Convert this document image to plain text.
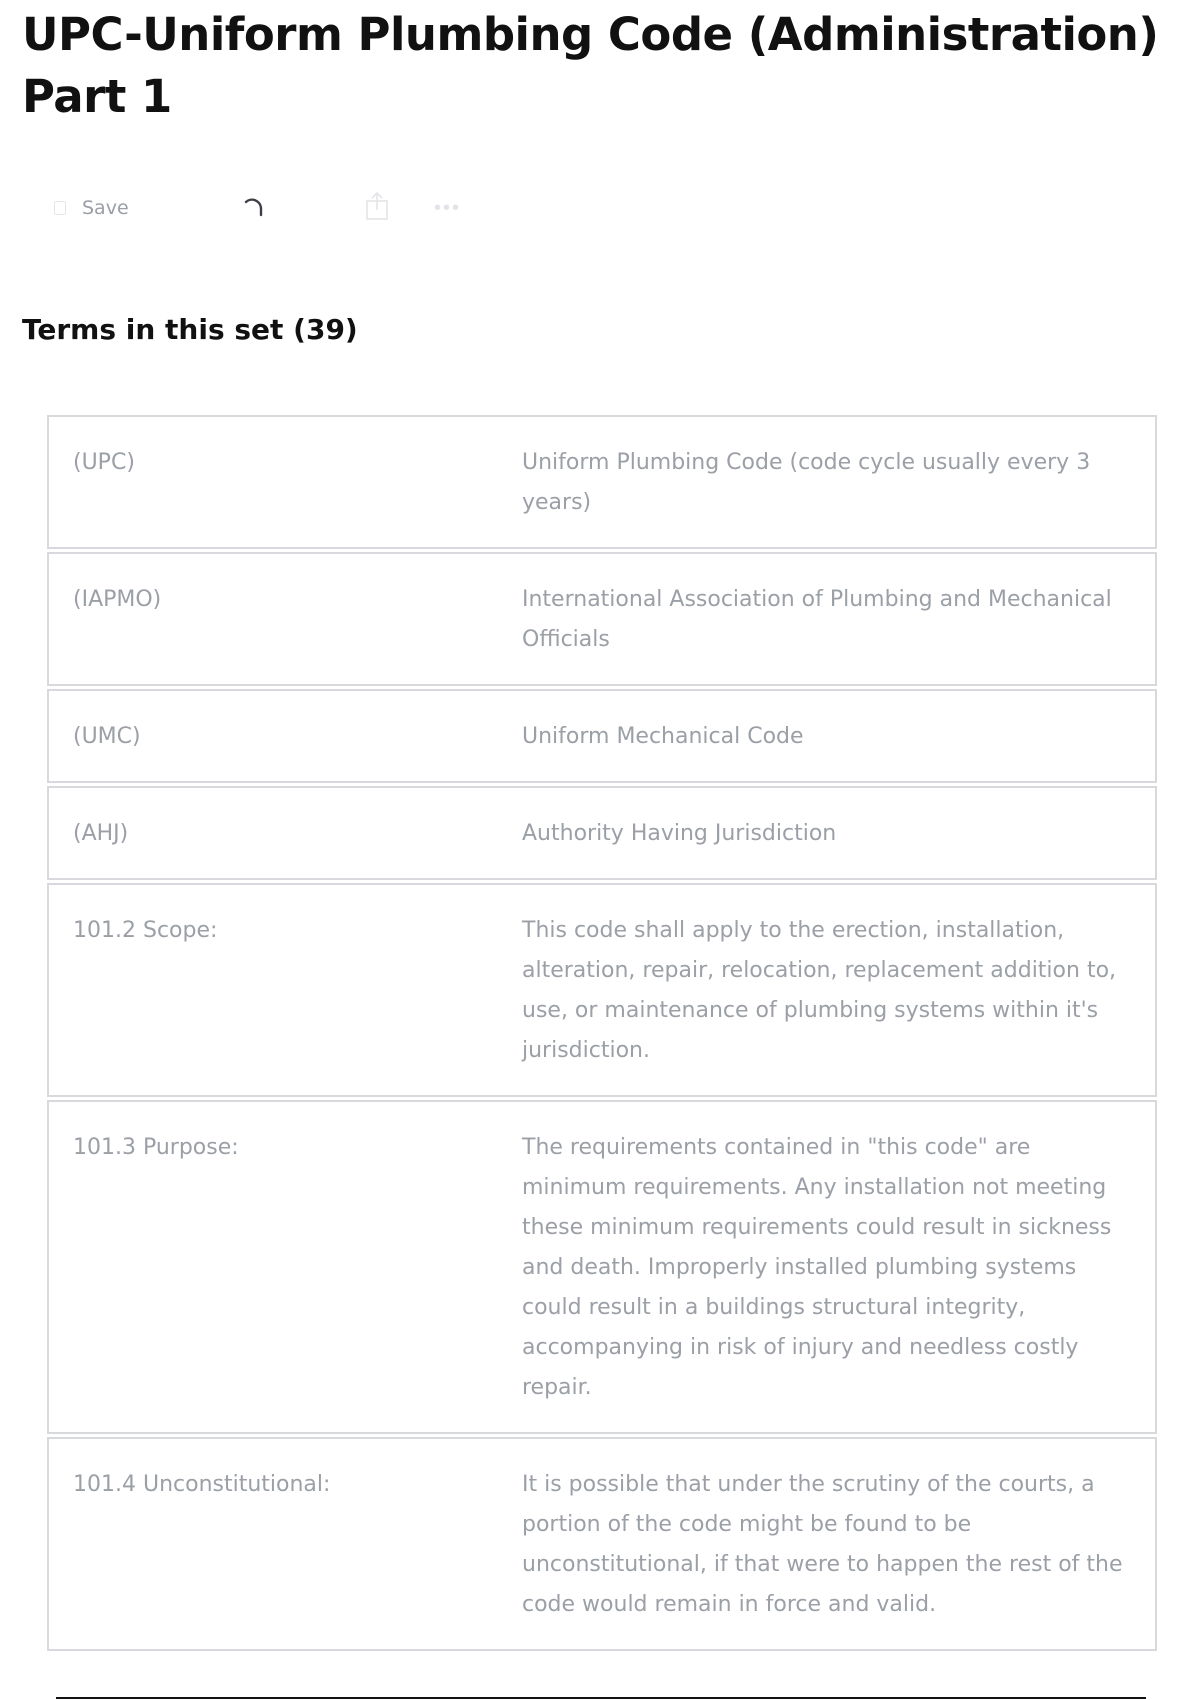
UPC-Uniform Plumbing Code (Administration) Part 1
Save	•••
Terms in this set (39)
(UPC)	Uniform Plumbing Code (code cycle usually every 3 years)
(IAPMO)	International Association of Plumbing and Mechanical Officials
(UMC)	Uniform Mechanical Code
(AHJ)	Authority Having Jurisdiction
101.2 Scope:	This code shall apply to the erection, installation, alteration, repair, relocation, replacement addition to, use, or maintenance of plumbing systems within it's jurisdiction.
101.3 Purpose:	The requirements contained in "this code" are minimum requirements. Any installation not meeting these minimum requirements could result in sickness and death. Improperly installed plumbing systems could result in a buildings structural integrity, accompanying in risk of injury and needless costly repair.
101.4 Unconstitutional:	It is possible that under the scrutiny of the courts, a portion of the code might be found to be unconstitutional, if that were to happen the rest of the code would remain in force and valid.
